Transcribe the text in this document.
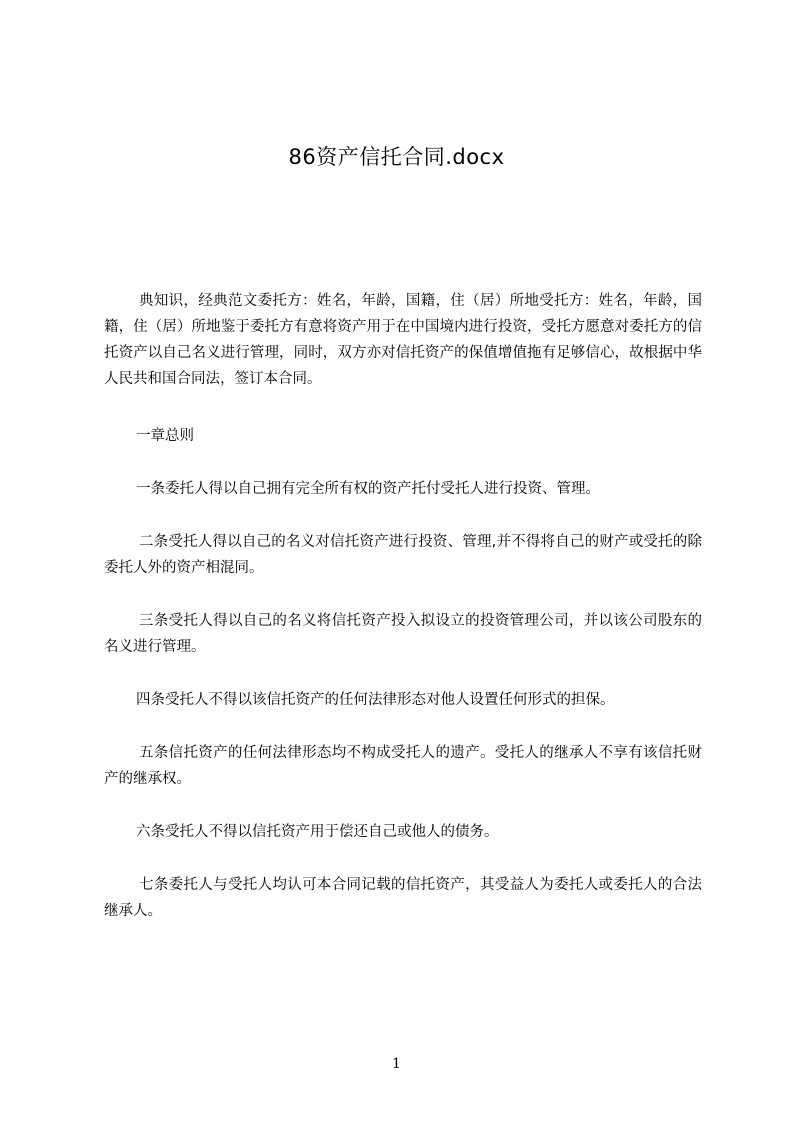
86资产信托合同.docx

典知识，经典范文委托方：姓名，年龄，国籍，住（居）所地受托方：姓名，年龄，国籍，住（居）所地鉴于委托方有意将资产用于在中国境内进行投资，受托方愿意对委托方的信托资产以自己名义进行管理，同时，双方亦对信托资产的保值增值拖有足够信心，故根据中华人民共和国合同法，签订本合同。

一章总则

一条委托人得以自己拥有完全所有权的资产托付受托人进行投资、管理。

二条受托人得以自己的名义对信托资产进行投资、管理,并不得将自己的财产或受托的除委托人外的资产相混同。

三条受托人得以自己的名义将信托资产投入拟设立的投资管理公司，并以该公司股东的名义进行管理。

四条受托人不得以该信托资产的任何法律形态对他人设置任何形式的担保。

五条信托资产的任何法律形态均不构成受托人的遗产。受托人的继承人不享有该信托财产的继承权。

六条受托人不得以信托资产用于偿还自己或他人的债务。

七条委托人与受托人均认可本合同记载的信托资产，其受益人为委托人或委托人的合法继承人。

1
